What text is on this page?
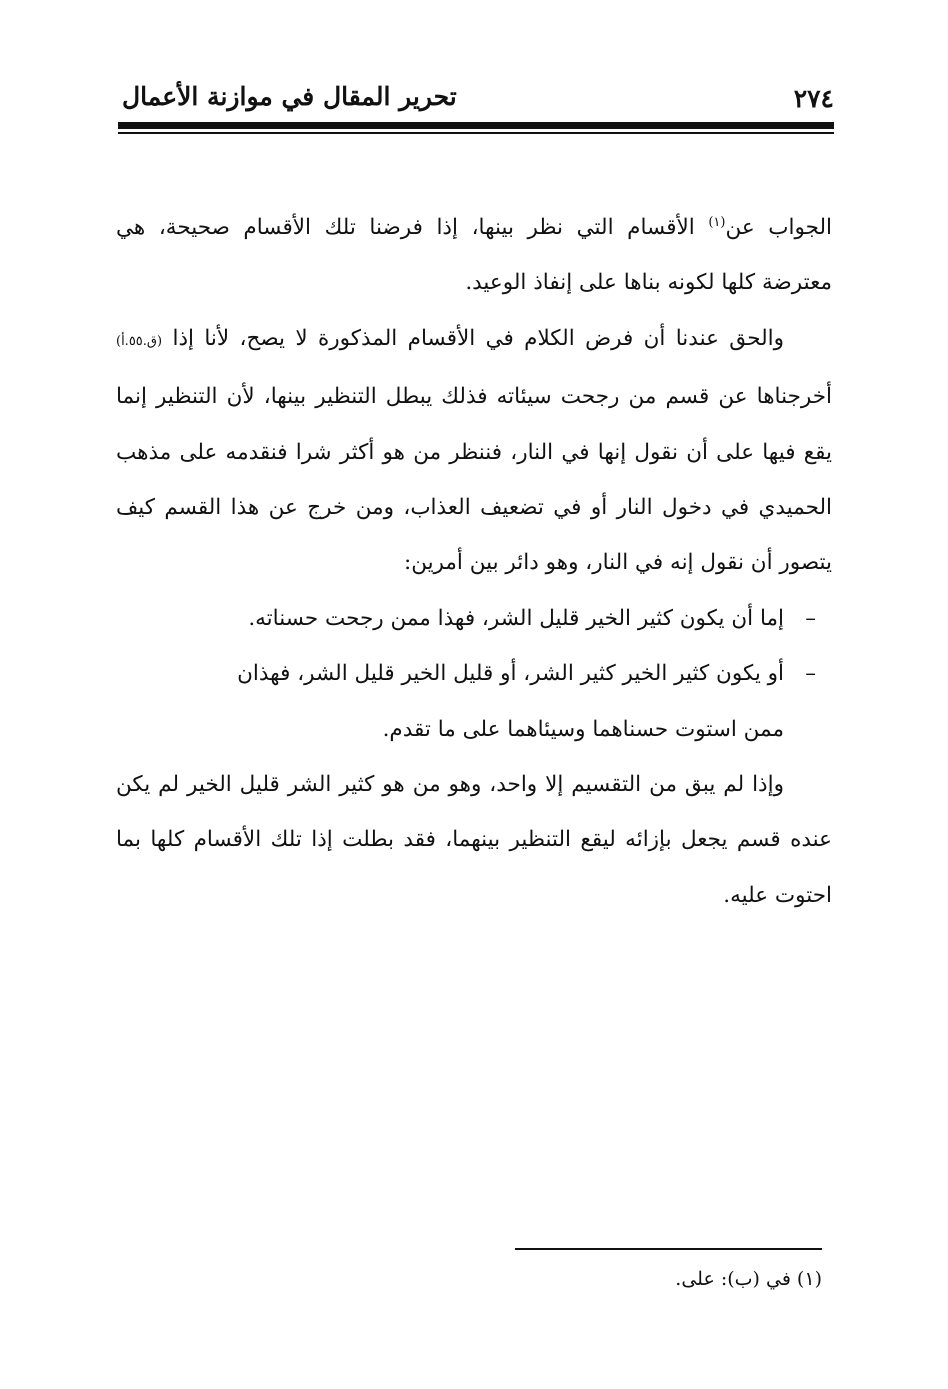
٢٧٤
تحرير المقال في موازنة الأعمال

الجواب عن$^{(١)}$ الأقسام التي نظر بينها، إذا فرضنا تلك الأقسام صحيحة، هي معترضة كلها لكونه بناها على إنفاذ الوعيد.

والحق عندنا أن فرض الكلام في الأقسام المذكورة لا يصح، لأنا إذا (ق.٥٥.أ) أخرجناها عن قسم من رجحت سيئاته فذلك يبطل التنظير بينها، لأن التنظير إنما يقع فيها على أن نقول إنها في النار، فننظر من هو أكثر شرا فنقدمه على مذهب الحميدي في دخول النار أو في تضعيف العذاب، ومن خرج عن هذا القسم كيف يتصور أن نقول إنه في النار، وهو دائر بين أمرين:

–
إما أن يكون كثير الخير قليل الشر، فهذا ممن رجحت حسناته.

–
أو يكون كثير الخير كثير الشر، أو قليل الخير قليل الشر، فهذان ممن استوت حسناهما وسيئاهما على ما تقدم.

وإذا لم يبق من التقسيم إلا واحد، وهو من هو كثير الشر قليل الخير لم يكن عنده قسم يجعل بإزائه ليقع التنظير بينهما، فقد بطلت إذا تلك الأقسام كلها بما احتوت عليه.

(١) في (ب): على.
